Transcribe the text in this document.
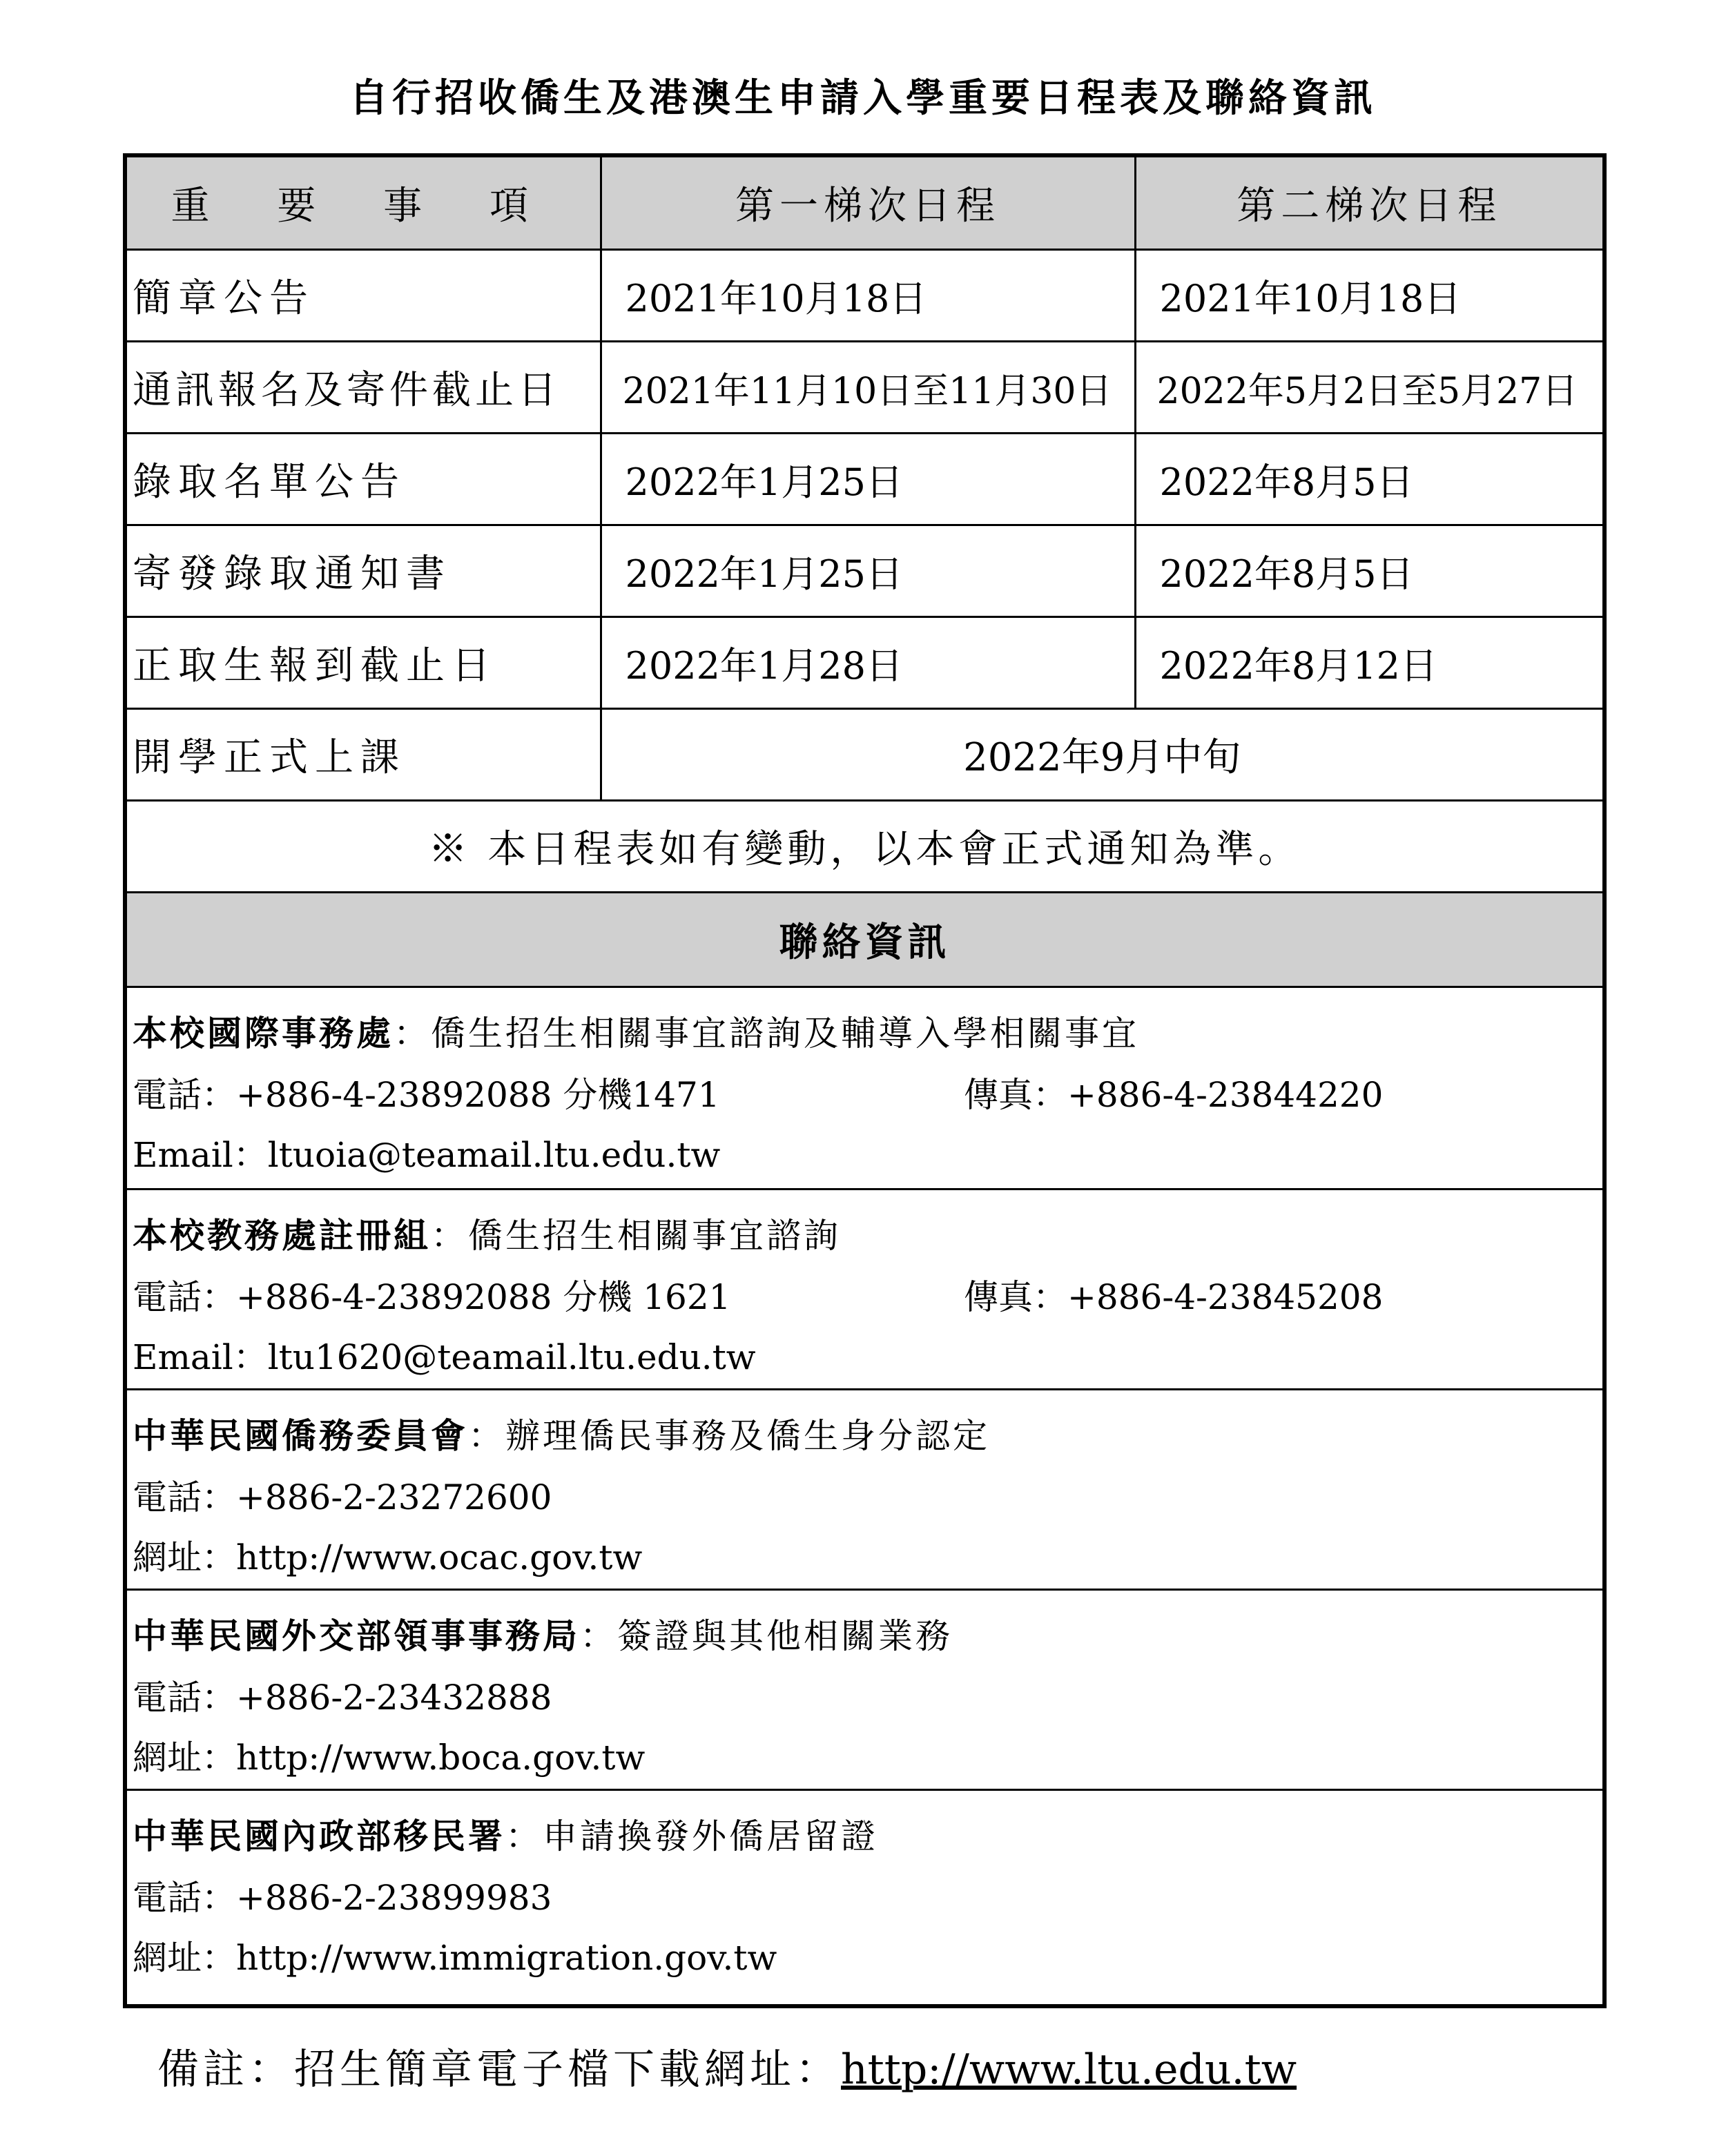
自行招收僑生及港澳生申請入學重要日程表及聯絡資訊
重 要 事 項	第一梯次日程	第二梯次日程
簡章公告	2021年10月18日	2021年10月18日
通訊報名及寄件截止日	2021年11月10日至11月30日	2022年5月2日至5月27日
錄取名單公告	2022年1月25日	2022年8月5日
寄發錄取通知書	2022年1月25日	2022年8月5日
正取生報到截止日	2022年1月28日	2022年8月12日
開學正式上課	2022年9月中旬	
※ 本日程表如有變動，以本會正式通知為準。		
聯絡資訊		
本校國際事務處：僑生招生相關事宜諮詢及輔導入學相關事宜
電話：+886-4-23892088 分機1471	傳真：+886-4-23844220
Email：ltuoia@teamail.ltu.edu.tw
本校教務處註冊組：僑生招生相關事宜諮詢
電話：+886-4-23892088 分機 1621	傳真：+886-4-23845208
Email：ltu1620@teamail.ltu.edu.tw
中華民國僑務委員會：辦理僑民事務及僑生身分認定
電話：+886-2-23272600
網址：http://www.ocac.gov.tw
中華民國外交部領事事務局：簽證與其他相關業務
電話：+886-2-23432888
網址：http://www.boca.gov.tw
中華民國內政部移民署：申請換發外僑居留證
電話：+886-2-23899983
網址：http://www.immigration.gov.tw
備註：招生簡章電子檔下載網址：http://www.ltu.edu.tw
